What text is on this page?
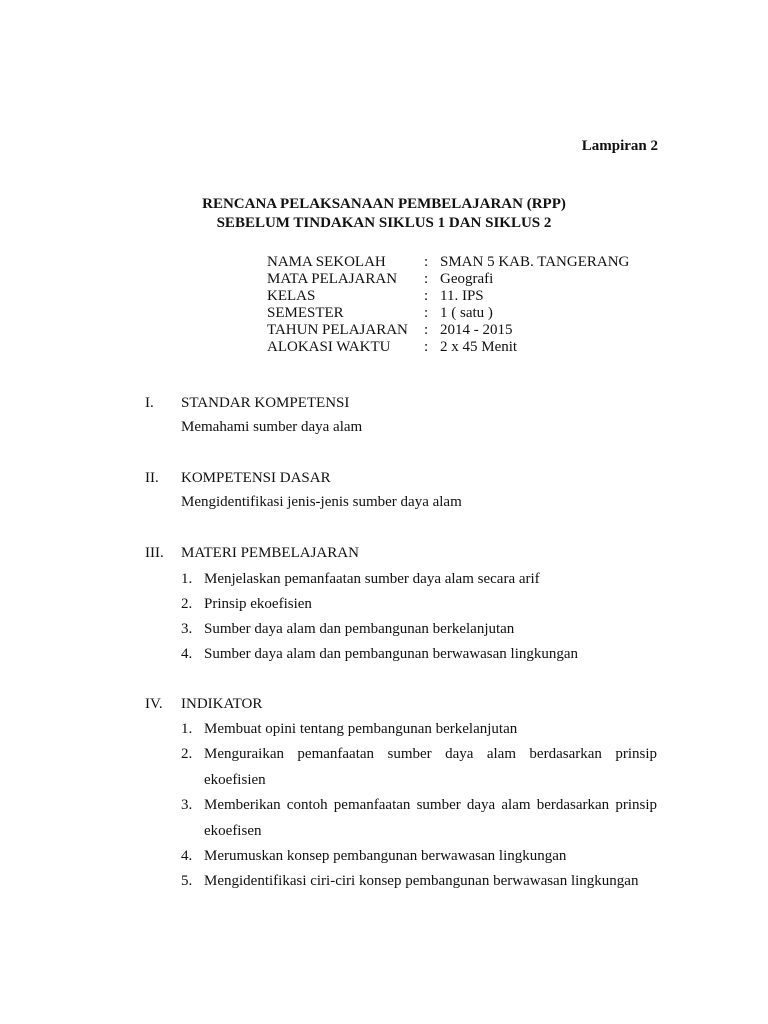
Lampiran 2
RENCANA PELAKSANAAN PEMBELAJARAN (RPP)
SEBELUM TINDAKAN SIKLUS 1 DAN SIKLUS 2
NAMA SEKOLAH	: SMAN 5 KAB. TANGERANG
MATA PELAJARAN : Geografi
KELAS	: 11. IPS
SEMESTER	: 1 ( satu )
TAHUN PELAJARAN : 2014 - 2015
ALOKASI WAKTU : 2 x 45 Menit
I. STANDAR KOMPETENSI
Memahami sumber daya alam
II. KOMPETENSI DASAR
Mengidentifikasi jenis-jenis sumber daya alam
III. MATERI PEMBELAJARAN
1. Menjelaskan pemanfaatan sumber daya alam secara arif
2. Prinsip ekoefisien
3. Sumber daya alam dan pembangunan berkelanjutan
4. Sumber daya alam dan pembangunan berwawasan lingkungan
IV. INDIKATOR
1. Membuat opini tentang pembangunan berkelanjutan
2. Menguraikan pemanfaatan sumber daya alam berdasarkan prinsip
ekoefisien
3. Memberikan contoh pemanfaatan sumber daya alam berdasarkan prinsip
ekoefisen
4. Merumuskan konsep pembangunan berwawasan lingkungan
5. Mengidentifikasi ciri-ciri konsep pembangunan berwawasan lingkungan
